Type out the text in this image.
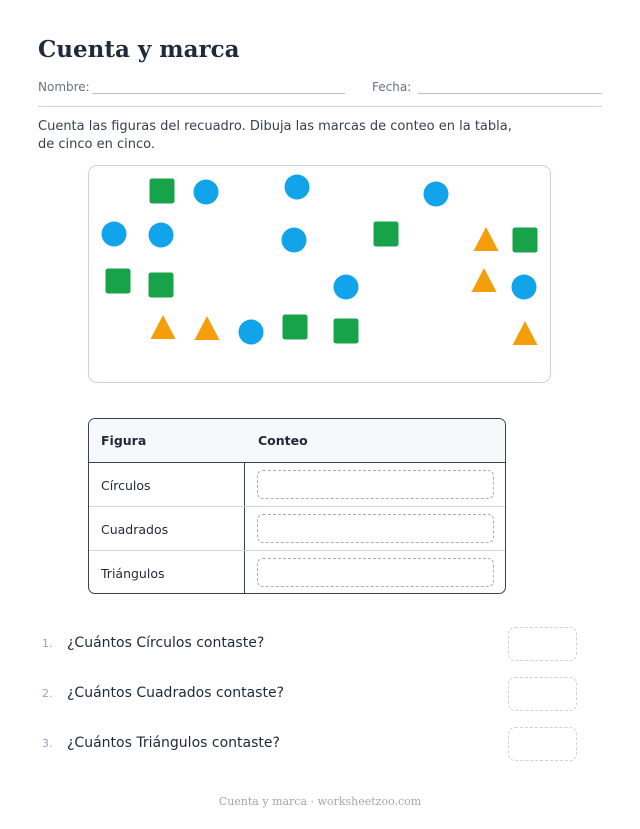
Cuenta y marca
Nombre:	Fecha:
Cuenta las figuras del recuadro. Dibuja las marcas de conteo en la tabla, de cinco en cinco.
Figura	Conteo
Círculos
Cuadrados
Triángulos
1. ¿Cuántos Círculos contaste?
2. ¿Cuántos Cuadrados contaste?
3. ¿Cuántos Triángulos contaste?
Cuenta y marca · worksheetzoo.com
